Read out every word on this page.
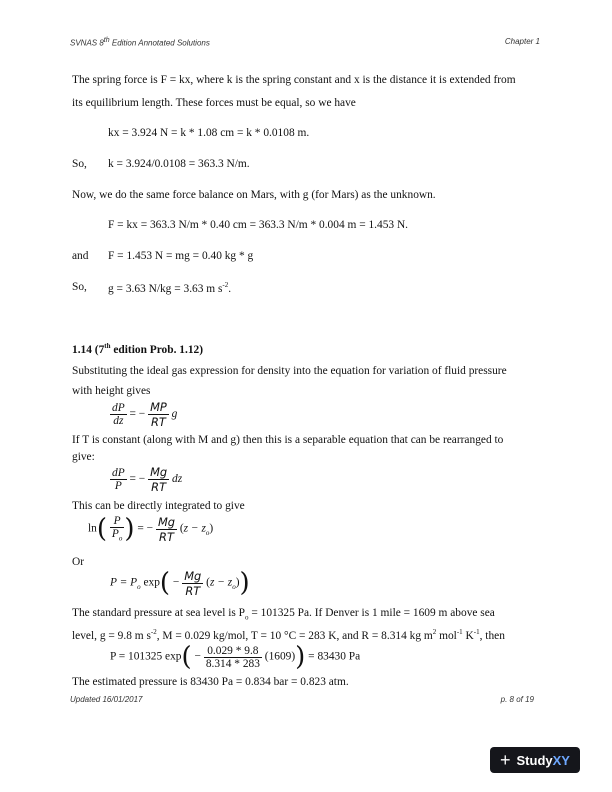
SVNAS 8th Edition Annotated Solutions	Chapter 1
The spring force is F = kx, where k is the spring constant and x is the distance it is extended from
its equilibrium length. These forces must be equal, so we have
kx = 3.924 N = k * 1.08 cm = k * 0.0108 m.
So, k = 3.924/0.0108 = 363.3 N/m.
Now, we do the same force balance on Mars, with g (for Mars) as the unknown.
F = kx = 363.3 N/m * 0.40 cm = 363.3 N/m * 0.004 m = 1.453 N.
and F = 1.453 N = mg = 0.40 kg * g
So, g = 3.63 N/kg = 3.63 m $s^{-2}$.
1.14 (7th edition Prob. 1.12)
Substituting the ideal gas expression for density into the equation for variation of fluid pressure
with height gives
$\frac{dP}{dz}$ = − $\frac{MP}{RT}$ g
If T is constant (along with M and g) then this is a separable equation that can be rearranged to
give:
$\frac{dP}{P}$ = − $\frac{Mg}{RT}$ dz
This can be directly integrated to give
$\ln( \frac{P}{P_o}$ ) = − $\frac{Mg}{RT} (z - z_o)$
Or
$P = P_o$ $\exp( - \frac{Mg}{RT} (z - z_o))$
The standard pressure at sea level is $P_o = 101325$ Pa. If Denver is 1 mile = 1609 m above sea
level, g = 9.8 m $s^{-2}$, M = 0.029 kg/mol, T = 10 °C = 283 K, and R = 8.314 kg $m^2$ mol$^{-1}$ $K^{-1}$, then
P = 101325 $\exp( - \frac{0.029 * 9.8}{8.314 * 283} (1609)) = 83430$ Pa
The estimated pressure is 83430 Pa = 0.834 bar = 0.823 atm.
Updated 16/01/2017	p. 8 of 19
+ StudyXY
